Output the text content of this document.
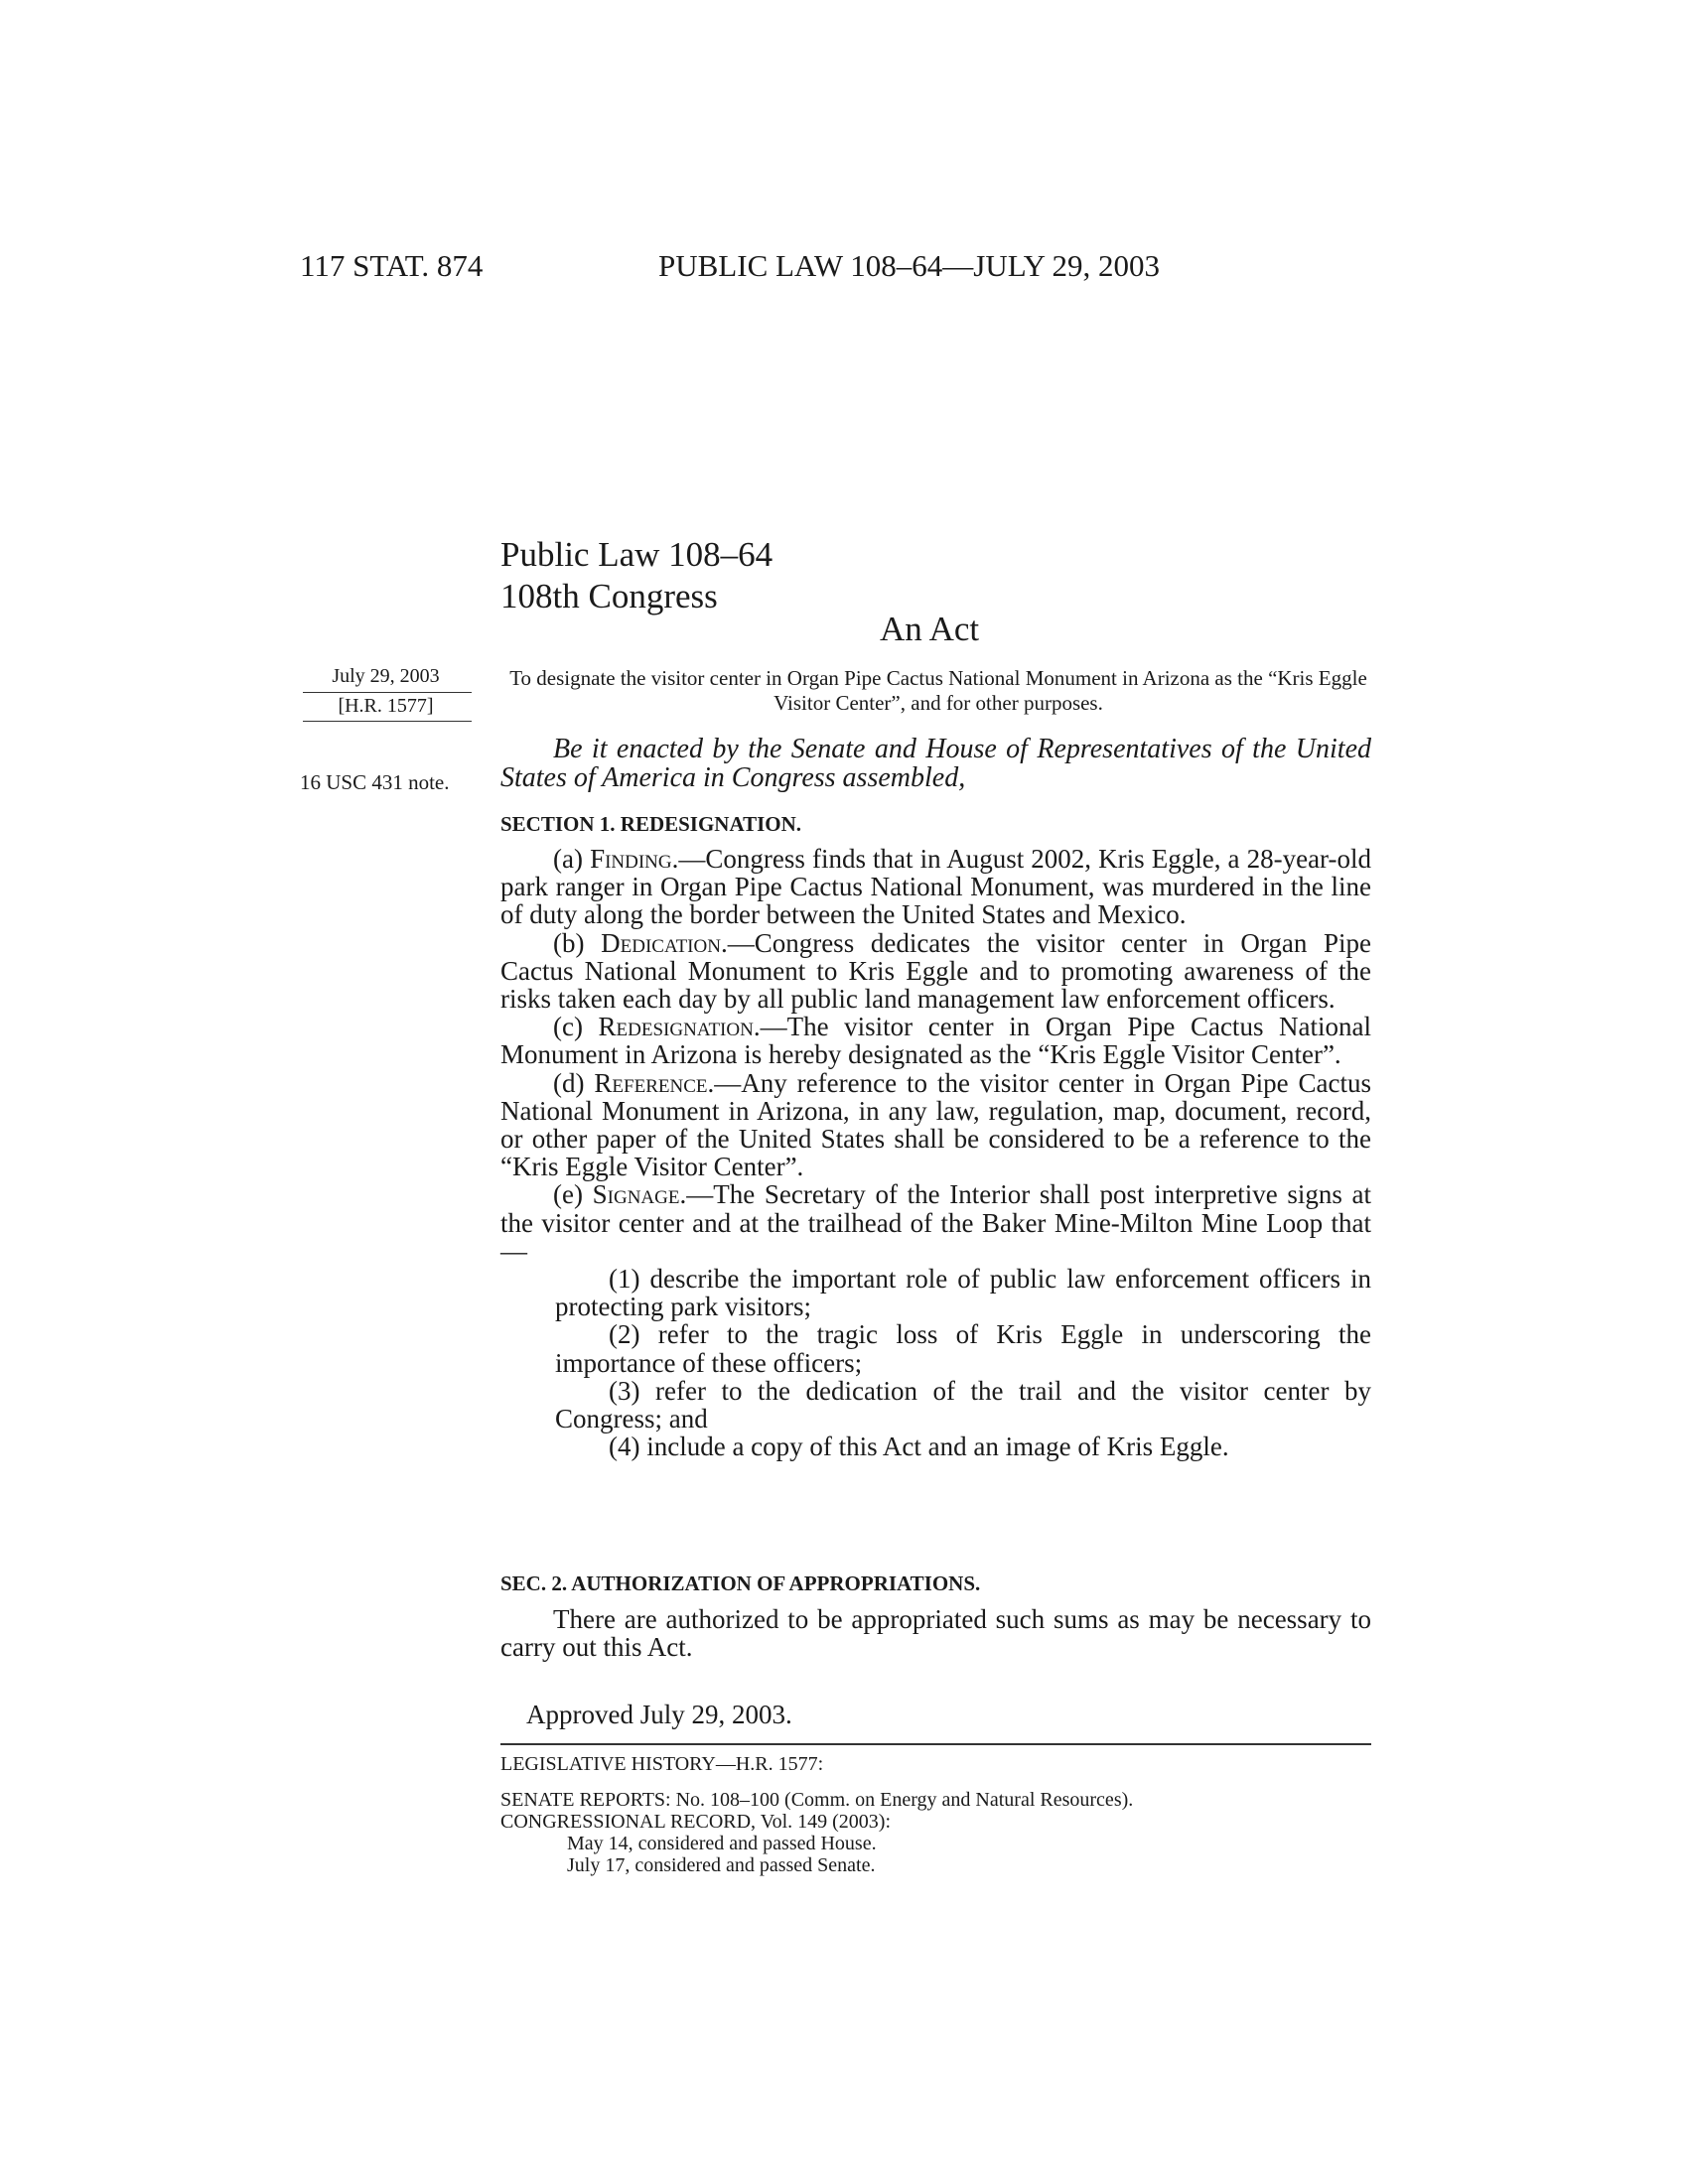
117 STAT. 874	PUBLIC LAW 108–64—JULY 29, 2003
Public Law 108–64
108th Congress
An Act
July 29, 2003
[H.R. 1577]
To designate the visitor center in Organ Pipe Cactus National Monument in Arizona as the “Kris Eggle Visitor Center”, and for other purposes.
16 USC 431 note.

Be it enacted by the Senate and House of Representatives of the United States of America in Congress assembled,

SECTION 1. REDESIGNATION.

(a) Finding.—Congress finds that in August 2002, Kris Eggle, a 28-year-old park ranger in Organ Pipe Cactus National Monument, was murdered in the line of duty along the border between the United States and Mexico.

(b) Dedication.—Congress dedicates the visitor center in Organ Pipe Cactus National Monument to Kris Eggle and to promoting awareness of the risks taken each day by all public land management law enforcement officers.

(c) Redesignation.—The visitor center in Organ Pipe Cactus National Monument in Arizona is hereby designated as the “Kris Eggle Visitor Center”.

(d) Reference.—Any reference to the visitor center in Organ Pipe Cactus National Monument in Arizona, in any law, regulation, map, document, record, or other paper of the United States shall be considered to be a reference to the “Kris Eggle Visitor Center”.

(e) Signage.—The Secretary of the Interior shall post interpretive signs at the visitor center and at the trailhead of the Baker Mine-Milton Mine Loop that—

(1) describe the important role of public law enforcement officers in protecting park visitors;

(2) refer to the tragic loss of Kris Eggle in underscoring the importance of these officers;

(3) refer to the dedication of the trail and the visitor center by Congress; and

(4) include a copy of this Act and an image of Kris Eggle.

SEC. 2. AUTHORIZATION OF APPROPRIATIONS.

There are authorized to be appropriated such sums as may be necessary to carry out this Act.

Approved July 29, 2003.
LEGISLATIVE HISTORY—H.R. 1577:
SENATE REPORTS: No. 108–100 (Comm. on Energy and Natural Resources).
CONGRESSIONAL RECORD, Vol. 149 (2003):
May 14, considered and passed House.
July 17, considered and passed Senate.
